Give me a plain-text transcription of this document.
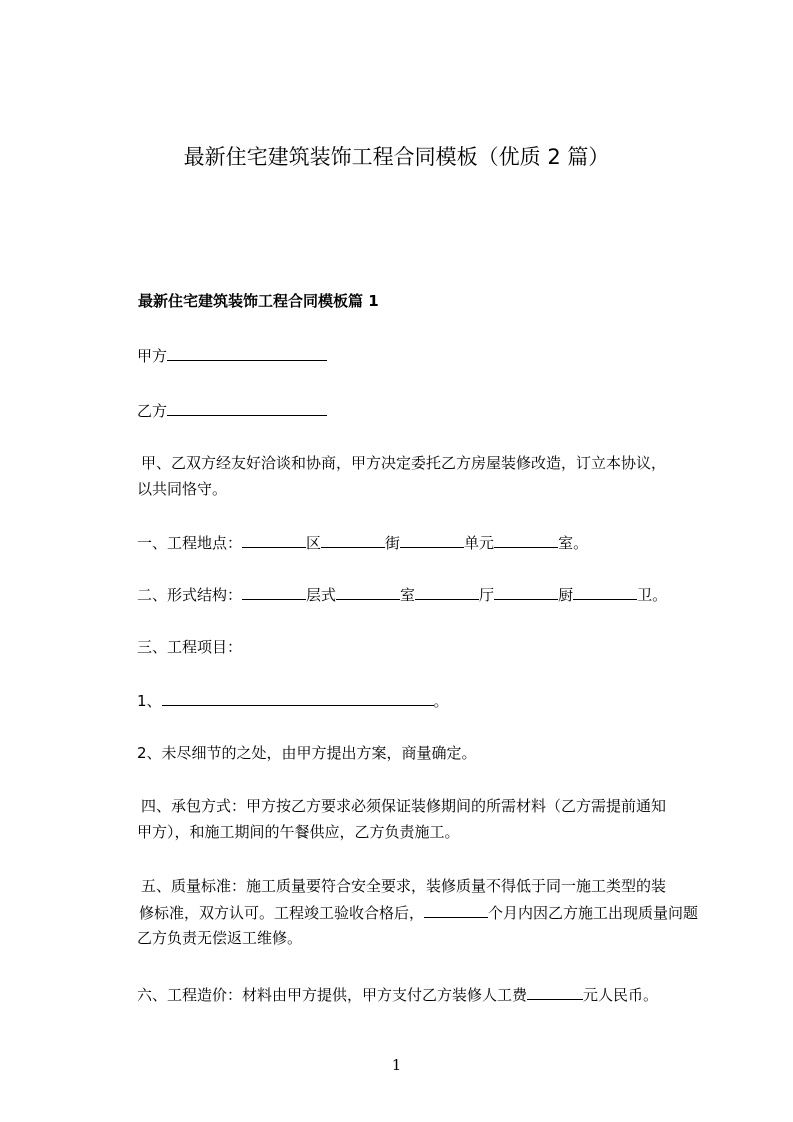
最新住宅建筑装饰工程合同模板（优质 2 篇）
最新住宅建筑装饰工程合同模板篇 1
甲方
乙方
甲、乙双方经友好洽谈和协商，甲方决定委托乙方房屋装修改造，订立本协议，
以共同恪守。
一、工程地点：	区	街	单元	室。
二、形式结构：	层式	室	厅	厨	卫。
三、工程项目：
1、	。
2、未尽细节的之处，由甲方提出方案，商量确定。
四、承包方式：甲方按乙方要求必须保证装修期间的所需材料（乙方需提前通知
甲方），和施工期间的午餐供应，乙方负责施工。
五、质量标准：施工质量要符合安全要求，装修质量不得低于同一施工类型的装
修标准，双方认可。工程竣工验收合格后，	个月内因乙方施工出现质量问题
乙方负责无偿返工维修。
六、工程造价：材料由甲方提供，甲方支付乙方装修人工费	元人民币。
1
